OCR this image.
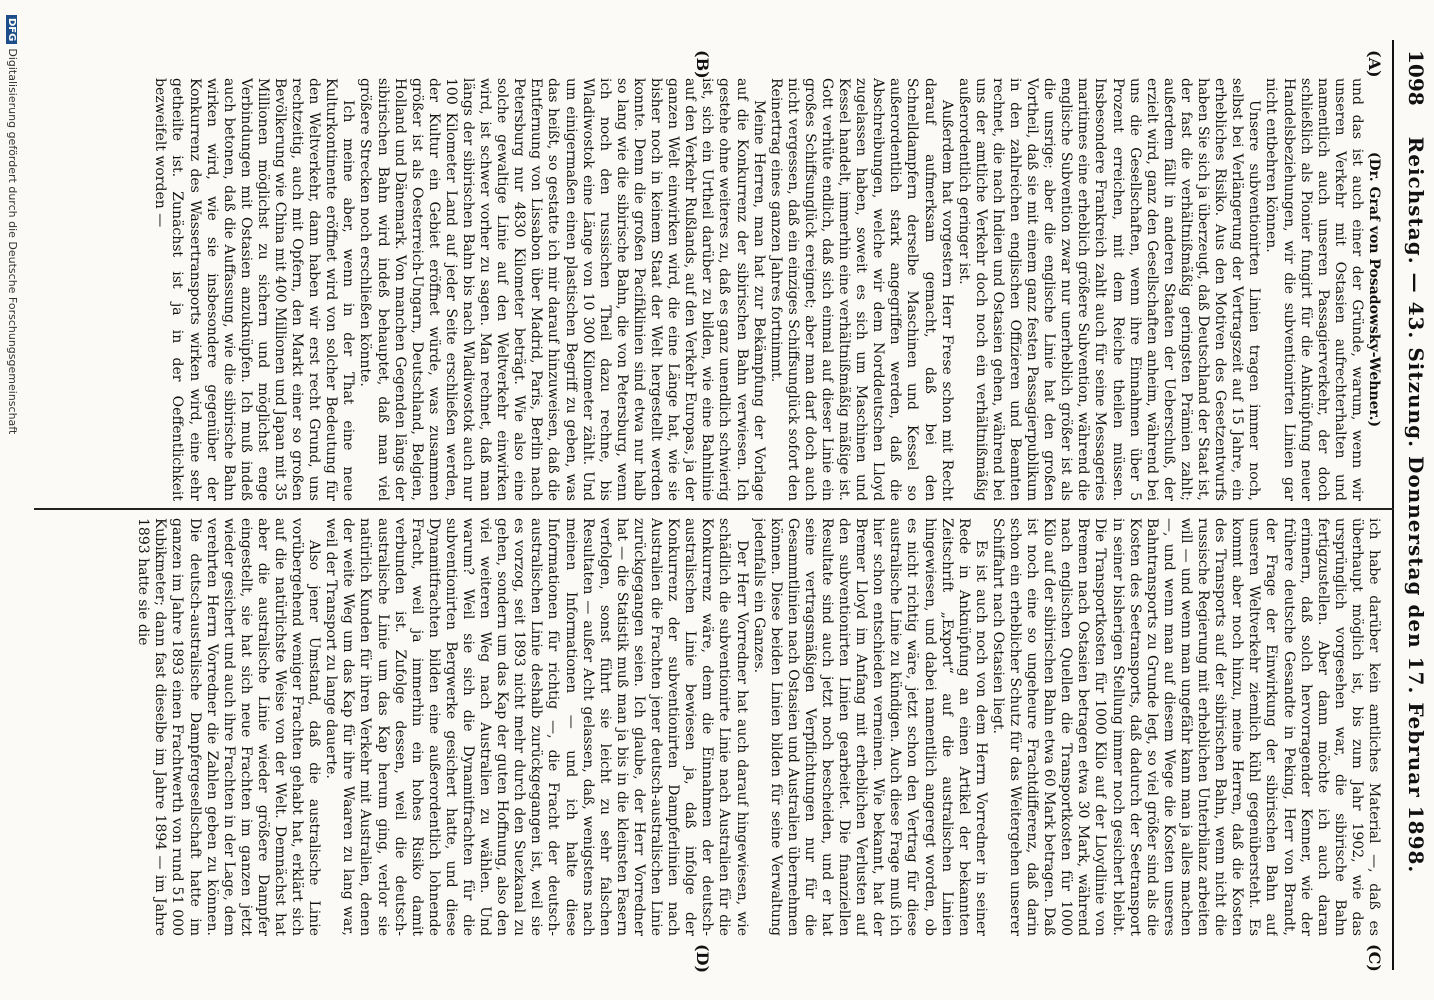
1098
Reichstag. — 43. Sitzung. Donnerstag den 17. Februar 1898.
(A)
(B)
(C)
(D)

(Dr. Graf von Posadowsky-Wehner.)

und das ist auch einer der Gründe, warum, wenn wir unseren Verkehr mit Ostasien aufrechterhalten und namentlich auch unseren Passagierverkehr, der doch schließlich als Pionier fungirt für die Anknüpfung neuer Handelsbeziehungen, wir die subventionirten Linien gar nicht entbehren können.

Unsere subventionirten Linien tragen immer noch, selbst bei Verlängerung der Vertragszeit auf 15 Jahre, ein erhebliches Risiko. Aus den Motiven des Gesetzentwurfs haben Sie sich ja überzeugt, daß Deutschland der Staat ist, der fast die verhältnißmäßig geringsten Prämien zahlt; außerdem fällt in anderen Staaten der Ueberschuß, der erzielt wird, ganz den Gesellschaften anheim, während bei uns die Gesellschaften, wenn ihre Einnahmen über 5 Prozent erreichen, mit dem Reiche theilen müssen. Insbesondere Frankreich zahlt auch für seine Messageries maritimes eine erheblich größere Subvention, während die englische Subvention zwar nur unerheblich größer ist als die unsrige; aber die englische Linie hat den großen Vortheil, daß sie mit einem ganz festen Passagierpublikum in den zahlreichen englischen Offizieren und Beamten rechnet, die nach Indien und Ostasien gehen, während bei uns der amtliche Verkehr doch noch ein verhältnißmäßig außerordentlich geringer ist.

Außerdem hat vorgestern Herr Frese schon mit Recht darauf aufmerksam gemacht, daß bei den Schnelldampfern derselbe Maschinen und Kessel so außerordentlich stark angegriffen werden, daß die Abschreibungen, welche wir dem Norddeutschen Lloyd zugelassen haben, soweit es sich um Maschinen und Kessel handelt, immerhin eine verhältnißmäßig mäßige ist. Gott verhüte endlich, daß sich einmal auf dieser Linie ein großes Schiffsunglück ereignet; aber man darf doch auch nicht vergessen, daß ein einziges Schiffsunglück sofort den Reinertrag eines ganzen Jahres fortnimmt.

Meine Herren, man hat zur Bekämpfung der Vorlage auf die Konkurrenz der sibirischen Bahn verwiesen. Ich gestehe ohne weiteres zu, daß es ganz unendlich schwierig ist, sich ein Urtheil darüber zu bilden, wie eine Bahnlinie auf den Verkehr Rußlands, auf den Verkehr Europas, ja der ganzen Welt einwirken wird, die eine Länge hat, wie sie bisher noch in keinem Staat der Welt hergestellt werden konnte. Denn die großen Pacifiklinien sind etwa nur halb so lang wie die sibirische Bahn, die von Petersburg, wenn ich noch den russischen Theil dazu rechne, bis Wladiwostok eine Länge von 10 300 Kilometer zählt. Und um einigermaßen einen plastischen Begriff zu geben, was das heißt, so gestatte ich mir darauf hinzuweisen, daß die Entfernung von Lissabon über Madrid, Paris, Berlin nach Petersburg nur 4830 Kilometer beträgt. Wie also eine solche gewaltige Linie auf den Weltverkehr einwirken wird, ist schwer vorher zu sagen. Man rechnet, daß man längs der sibirischen Bahn bis nach Wladiwostok auch nur 100 Kilometer Land auf jeder Seite erschließen werden, der Kultur ein Gebiet eröffnet würde, was zusammen größer ist als Oesterreich-Ungarn, Deutschland, Belgien, Holland und Dänemark. Von manchen Gegenden längs der sibirischen Bahn wird indeß behauptet, daß man viel größere Strecken noch erschließen könnte.

Ich meine aber, wenn in der That eine neue Kulturkontinente eröffnet wird von solcher Bedeutung für den Weltverkehr, dann haben wir erst recht Grund, uns rechtzeitig, auch mit Opfern, den Markt einer so großen Bevölkerung wie China mit 400 Millionen und Japan mit 35 Millionen möglichst zu sichern und möglichst enge Verbindungen mit Ostasien anzuknüpfen. Ich muß indeß auch betonen, daß die Auffassung, wie die sibirische Bahn wirken wird, wie sie insbesondere gegenüber der Konkurrenz des Wassertransports wirken wird, eine sehr getheilte ist. Zunächst ist ja in der Oeffentlichkeit bezweifelt worden —

ich habe darüber kein amtliches Material —, daß es überhaupt möglich ist, bis zum Jahr 1902, wie das ursprünglich vorgesehen war, die sibirische Bahn fertigzustellen. Aber dann möchte ich auch daran erinnern, daß solch hervorragender Kenner, wie der frühere deutsche Gesandte in Peking, Herr von Brandt, der Frage der Einwirkung der sibirischen Bahn auf unseren Weltverkehr ziemlich kühl gegenübersteht. Es kommt aber noch hinzu, meine Herren, daß die Kosten des Transports auf der sibirischen Bahn, wenn nicht die russische Regierung mit erheblichen Unterbilanz arbeiten will — und wenn man ungefähr kann man ja alles machen —, und wenn man auf diesem Wege die Kosten unseres Bahntransports zu Grunde legt, so viel größer sind als die Kosten des Seetransports, daß dadurch der Seetransport in seiner bisherigen Stellung immer noch gesichert bleibt. Die Transportkosten für 1000 Kilo auf der Lloydlinie von Bremen nach Ostasien betragen etwa 30 Mark, während nach englischen Quellen die Transportkosten für 1000 Kilo auf der sibirischen Bahn etwa 60 Mark betragen. Daß ist noch eine so ungeheure Frachtdifferenz, daß darin schon ein erheblicher Schutz für das Weitergehen unserer Schiffahrt nach Ostasien liegt.

Es ist auch noch von dem Herrn Vorredner in seiner Rede in Anknüpfung an einen Artikel der bekannten Zeitschrift „Export“ auf die australischen Linien hingewiesen, und dabei namentlich angeregt worden, ob es nicht richtig wäre, jetzt schon den Vertrag für diese australische Linie zu kündigen. Auch diese Frage muß ich hier schon entschieden verneinen. Wie bekannt, hat der Bremer Lloyd im Anfang mit erheblichen Verlusten auf den subventionirten Linien gearbeitet. Die finanziellen Resultate sind auch jetzt noch bescheiden, und er hat seine vertragsmäßigen Verpflichtungen nur für die Gesammtlinien nach Ostasien und Australien übernehmen können. Diese beiden Linien bilden für seine Verwaltung jedenfalls ein Ganzes.

Der Herr Vorredner hat auch darauf hingewiesen, wie schädlich die subventionirte Linie nach Australien für die Konkurrenz wäre, denn die Einnahmen der deutsch-australischen Linie bewiesen ja, daß infolge der Konkurrenz der subventionirten Dampferlinien nach Australien die Frachten jener deutsch-australischen Linie zurückgegangen seien. Ich glaube, der Herr Vorredner hat — die Statistik muß man ja bis in die kleinsten Fasern verfolgen, sonst führt sie leicht zu sehr falschen Resultaten — außer Acht gelassen, daß, wenigstens nach meinen Informationen — und ich halte diese Informationen für richtig —, die Fracht der deutsch-australischen Linie deshalb zurückgegangen ist, weil sie es vorzog, seit 1893 nicht mehr durch den Suezkanal zu gehen, sondern um das Kap der guten Hoffnung, also den viel weiteren Weg nach Australien zu wählen. Und warum? Weil sie sich die Dynamitfrachten für die subventionirten Bergwerke gesichert hatte, und diese Dynamitfrachten bilden eine außerordentlich lohnende Fracht, weil ja immerhin ein hohes Risiko damit verbunden ist. Zufolge dessen, weil die deutsch-australische Linie um das Kap herum ging, verlor sie natürlich Kunden für ihren Verkehr mit Australien, denen der weite Weg um das Kap für ihre Waaren zu lang war, weil der Transport zu lange dauerte.

Also jener Umstand, daß die australische Linie vorübergehend weniger Frachten gehabt hat, erklärt sich auf die natürlichste Weise von der Welt. Demnächst hat aber die australische Linie wieder größere Dampfer eingestellt, sie hat sich neue Frachten im ganzen jetzt wieder gesichert und auch ihre Frachten in der Lage, dem verehrten Herrn Vorredner die Zahlen geben zu können. Die deutsch-australische Dampfergesellschaft hatte im ganzen im Jahre 1893 einen Frachtwerth von rund 51 000 Kubikmeter; dann fast dieselbe im Jahre 1894 — im Jahre 1893 hatte sie die

DFGDigitalisierung gefördert durch die Deutsche Forschungsgemeinschaft
